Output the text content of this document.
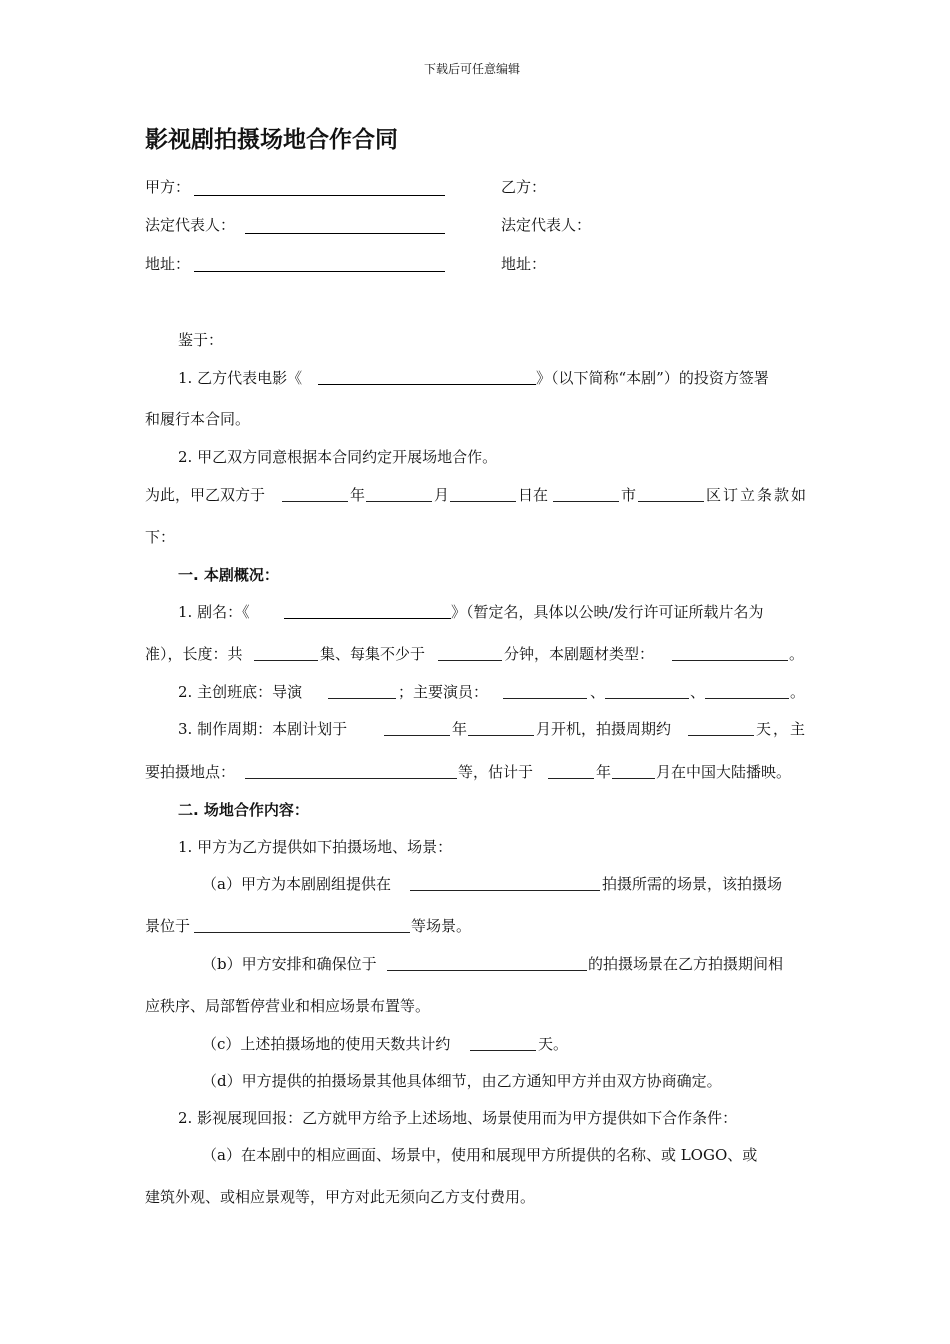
下载后可任意编辑
影视剧拍摄场地合作合同
甲方：	乙方：
法定代表人：	法定代表人：
地址：	地址：
鉴于：
1. 乙方代表电影《	》（以下简称“本剧”）的投资方签署
和履行本合同。
2. 甲乙双方同意根据本合同约定开展场地合作。
为此，甲乙双方于	年	月	日在	市	区订立条款如
下：
一. 本剧概况：
1. 剧名：《	》（暂定名，具体以公映/发行许可证所载片名为
准），长度：共	集、每集不少于	分钟，本剧题材类型：	。
2. 主创班底：导演	；主要演员：	、	、	。
3. 制作周期：本剧计划于	年	月开机，拍摄周期约	天，主
要拍摄地点：	等，估计于	年	月在中国大陆播映。
二. 场地合作内容：
1. 甲方为乙方提供如下拍摄场地、场景：
（a）甲方为本剧剧组提供在	拍摄所需的场景，该拍摄场
景位于	等场景。
（b）甲方安排和确保位于	的拍摄场景在乙方拍摄期间相
应秩序、局部暂停营业和相应场景布置等。
（c）上述拍摄场地的使用天数共计约	天。
（d）甲方提供的拍摄场景其他具体细节，由乙方通知甲方并由双方协商确定。
2. 影视展现回报：乙方就甲方给予上述场地、场景使用而为甲方提供如下合作条件：
（a）在本剧中的相应画面、场景中，使用和展现甲方所提供的名称、或 LOGO、或
建筑外观、或相应景观等，甲方对此无须向乙方支付费用。
